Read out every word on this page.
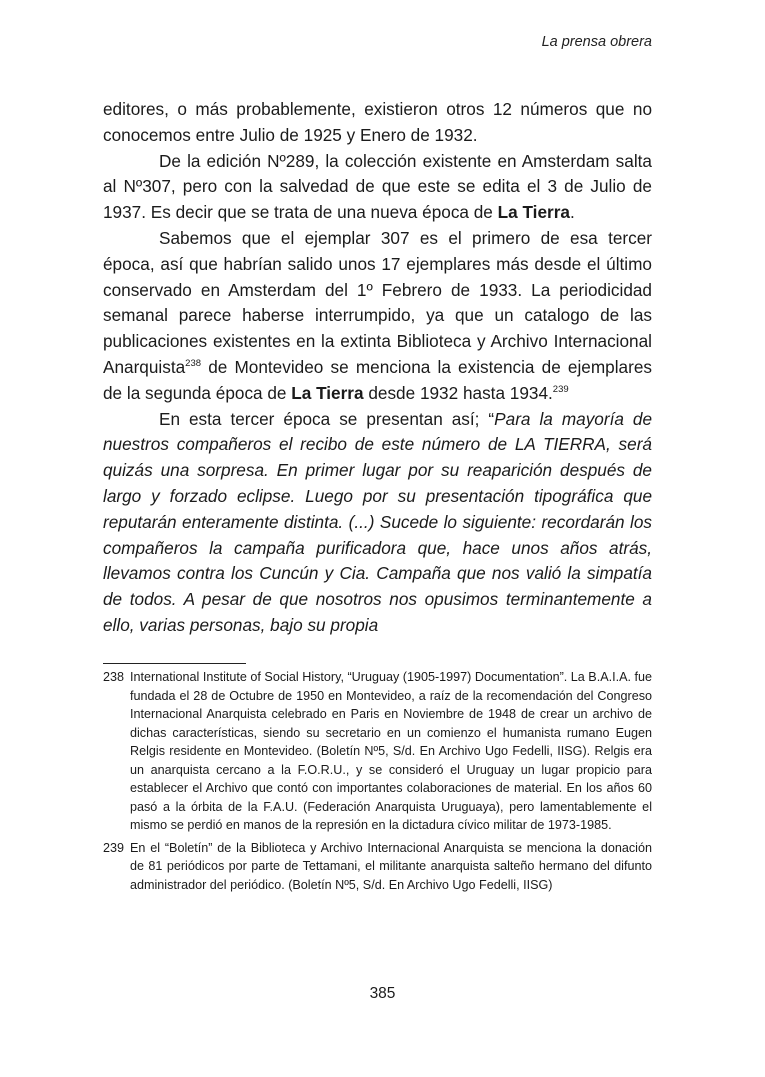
La prensa obrera

editores, o más probablemente, existieron otros 12 números que no conocemos entre Julio de 1925 y Enero de 1932.

De la edición Nº289, la colección existente en Amsterdam salta al Nº307, pero con la salvedad de que este se edita el 3 de Julio de 1937. Es decir que se trata de una nueva época de La Tierra.

Sabemos que el ejemplar 307 es el primero de esa tercer época, así que habrían salido unos 17 ejemplares más desde el último conservado en Amsterdam del 1º Febrero de 1933. La periodicidad semanal parece haberse interrumpido, ya que un catalogo de las publicaciones existentes en la extinta Biblioteca y Archivo Internacional Anarquista$^{238}$ de Montevideo se menciona la existencia de ejemplares de la segunda época de La Tierra desde 1932 hasta 1934.$^{239}$

En esta tercer época se presentan así; “Para la mayoría de nuestros compañeros el recibo de este número de LA TIERRA, será quizás una sorpresa. En primer lugar por su reaparición después de largo y forzado eclipse. Luego por su presentación tipográfica que reputarán enteramente distinta. (...) Sucede lo siguiente: recordarán los compañeros la campaña purificadora que, hace unos años atrás, llevamos contra los Cuncún y Cia. Campaña que nos valió la simpatía de todos. A pesar de que nosotros nos opusimos terminantemente a ello, varias personas, bajo su propia

238 International Institute of Social History, “Uruguay (1905-1997) Documentation”. La B.A.I.A. fue fundada el 28 de Octubre de 1950 en Montevideo, a raíz de la recomendación del Congreso Internacional Anarquista celebrado en Paris en Noviembre de 1948 de crear un archivo de dichas características, siendo su secretario en un comienzo el humanista rumano Eugen Relgis residente en Montevideo. (Boletín Nº5, S/d. En Archivo Ugo Fedelli, IISG). Relgis era un anarquista cercano a la F.O.R.U., y se consideró el Uruguay un lugar propicio para establecer el Archivo que contó con importantes colaboraciones de material. En los años 60 pasó a la órbita de la F.A.U. (Federación Anarquista Uruguaya), pero lamentablemente el mismo se perdió en manos de la represión en la dictadura cívico militar de 1973-1985.
239 En el “Boletín” de la Biblioteca y Archivo Internacional Anarquista se menciona la donación de 81 periódicos por parte de Tettamani, el militante anarquista salteño hermano del difunto administrador del periódico. (Boletín Nº5, S/d. En Archivo Ugo Fedelli, IISG)
385
